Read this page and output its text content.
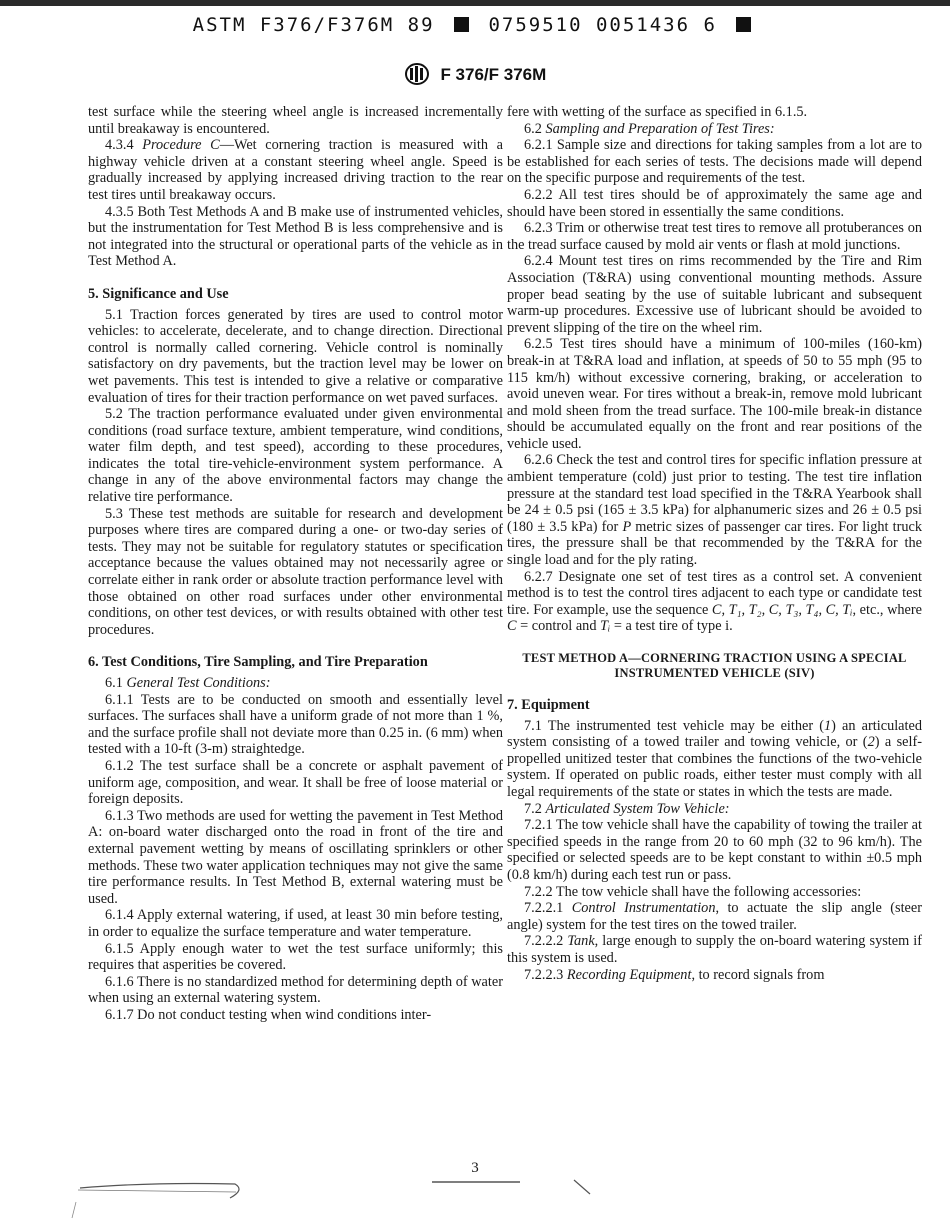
ASTM F376/F376M 89	0759510 0051436 6
F 376/F 376M

test surface while the steering wheel angle is increased incrementally until breakaway is encountered.

4.3.4 Procedure C—Wet cornering traction is measured with a highway vehicle driven at a constant steering wheel angle. Speed is gradually increased by applying increased driving traction to the rear test tires until breakaway occurs.

4.3.5 Both Test Methods A and B make use of instrumented vehicles, but the instrumentation for Test Method B is less comprehensive and is not integrated into the structural or operational parts of the vehicle as in Test Method A.

5. Significance and Use

5.1 Traction forces generated by tires are used to control motor vehicles: to accelerate, decelerate, and to change direction. Directional control is normally called cornering. Vehicle control is nominally satisfactory on dry pavements, but the traction level may be lower on wet pavements. This test is intended to give a relative or comparative evaluation of tires for their traction performance on wet paved surfaces.

5.2 The traction performance evaluated under given environmental conditions (road surface texture, ambient temperature, wind conditions, water film depth, and test speed), according to these procedures, indicates the total tire-vehicle-environment system performance. A change in any of the above environmental factors may change the relative tire performance.

5.3 These test methods are suitable for research and development purposes where tires are compared during a one- or two-day series of tests. They may not be suitable for regulatory statutes or specification acceptance because the values obtained may not necessarily agree or correlate either in rank order or absolute traction performance level with those obtained on other road surfaces under other environmental conditions, on other test devices, or with results obtained with other test procedures.

6. Test Conditions, Tire Sampling, and Tire Preparation

6.1 General Test Conditions:

6.1.1 Tests are to be conducted on smooth and essentially level surfaces. The surfaces shall have a uniform grade of not more than 1 %, and the surface profile shall not deviate more than 0.25 in. (6 mm) when tested with a 10-ft (3-m) straightedge.

6.1.2 The test surface shall be a concrete or asphalt pavement of uniform age, composition, and wear. It shall be free of loose material or foreign deposits.

6.1.3 Two methods are used for wetting the pavement in Test Method A: on-board water discharged onto the road in front of the tire and external pavement wetting by means of oscillating sprinklers or other methods. These two water application techniques may not give the same tire performance results. In Test Method B, external watering must be used.

6.1.4 Apply external watering, if used, at least 30 min before testing, in order to equalize the surface temperature and water temperature.

6.1.5 Apply enough water to wet the test surface uniformly; this requires that asperities be covered.

6.1.6 There is no standardized method for determining depth of water when using an external watering system.

6.1.7 Do not conduct testing when wind conditions inter-

fere with wetting of the surface as specified in 6.1.5.

6.2 Sampling and Preparation of Test Tires:

6.2.1 Sample size and directions for taking samples from a lot are to be established for each series of tests. The decisions made will depend on the specific purpose and requirements of the test.

6.2.2 All test tires should be of approximately the same age and should have been stored in essentially the same conditions.

6.2.3 Trim or otherwise treat test tires to remove all protuberances on the tread surface caused by mold air vents or flash at mold junctions.

6.2.4 Mount test tires on rims recommended by the Tire and Rim Association (T&RA) using conventional mounting methods. Assure proper bead seating by the use of suitable lubricant and subsequent warm-up procedures. Excessive use of lubricant should be avoided to prevent slipping of the tire on the wheel rim.

6.2.5 Test tires should have a minimum of 100-miles (160-km) break-in at T&RA load and inflation, at speeds of 50 to 55 mph (95 to 115 km/h) without excessive cornering, braking, or acceleration to avoid uneven wear. For tires without a break-in, remove mold lubricant and mold sheen from the tread surface. The 100-mile break-in distance should be accumulated equally on the front and rear positions of the vehicle used.

6.2.6 Check the test and control tires for specific inflation pressure at ambient temperature (cold) just prior to testing. The test tire inflation pressure at the standard test load specified in the T&RA Yearbook shall be 24 ± 0.5 psi (165 ± 3.5 kPa) for alphanumeric sizes and 26 ± 0.5 psi (180 ± 3.5 kPa) for P metric sizes of passenger car tires. For light truck tires, the pressure shall be that recommended by the T&RA for the single load and for the ply rating.

6.2.7 Designate one set of test tires as a control set. A convenient method is to test the control tires adjacent to each type or candidate test tire. For example, use the sequence C, T₁, T₂, C, T₃, T₄, C, Tᵢ, etc., where C = control and Tᵢ = a test tire of type i.

TEST METHOD A—CORNERING TRACTION USING A SPECIAL INSTRUMENTED VEHICLE (SIV)
7. Equipment

7.1 The instrumented test vehicle may be either (1) an articulated system consisting of a towed trailer and towing vehicle, or (2) a self-propelled unitized tester that combines the functions of the two-vehicle system. If operated on public roads, either tester must comply with all legal requirements of the state or states in which the tests are made.

7.2 Articulated System Tow Vehicle:

7.2.1 The tow vehicle shall have the capability of towing the trailer at specified speeds in the range from 20 to 60 mph (32 to 96 km/h). The specified or selected speeds are to be kept constant to within ±0.5 mph (0.8 km/h) during each test run or pass.

7.2.2 The tow vehicle shall have the following accessories:

7.2.2.1 Control Instrumentation, to actuate the slip angle (steer angle) system for the test tires on the towed trailer.

7.2.2.2 Tank, large enough to supply the on-board watering system if this system is used.

7.2.2.3 Recording Equipment, to record signals from

3
